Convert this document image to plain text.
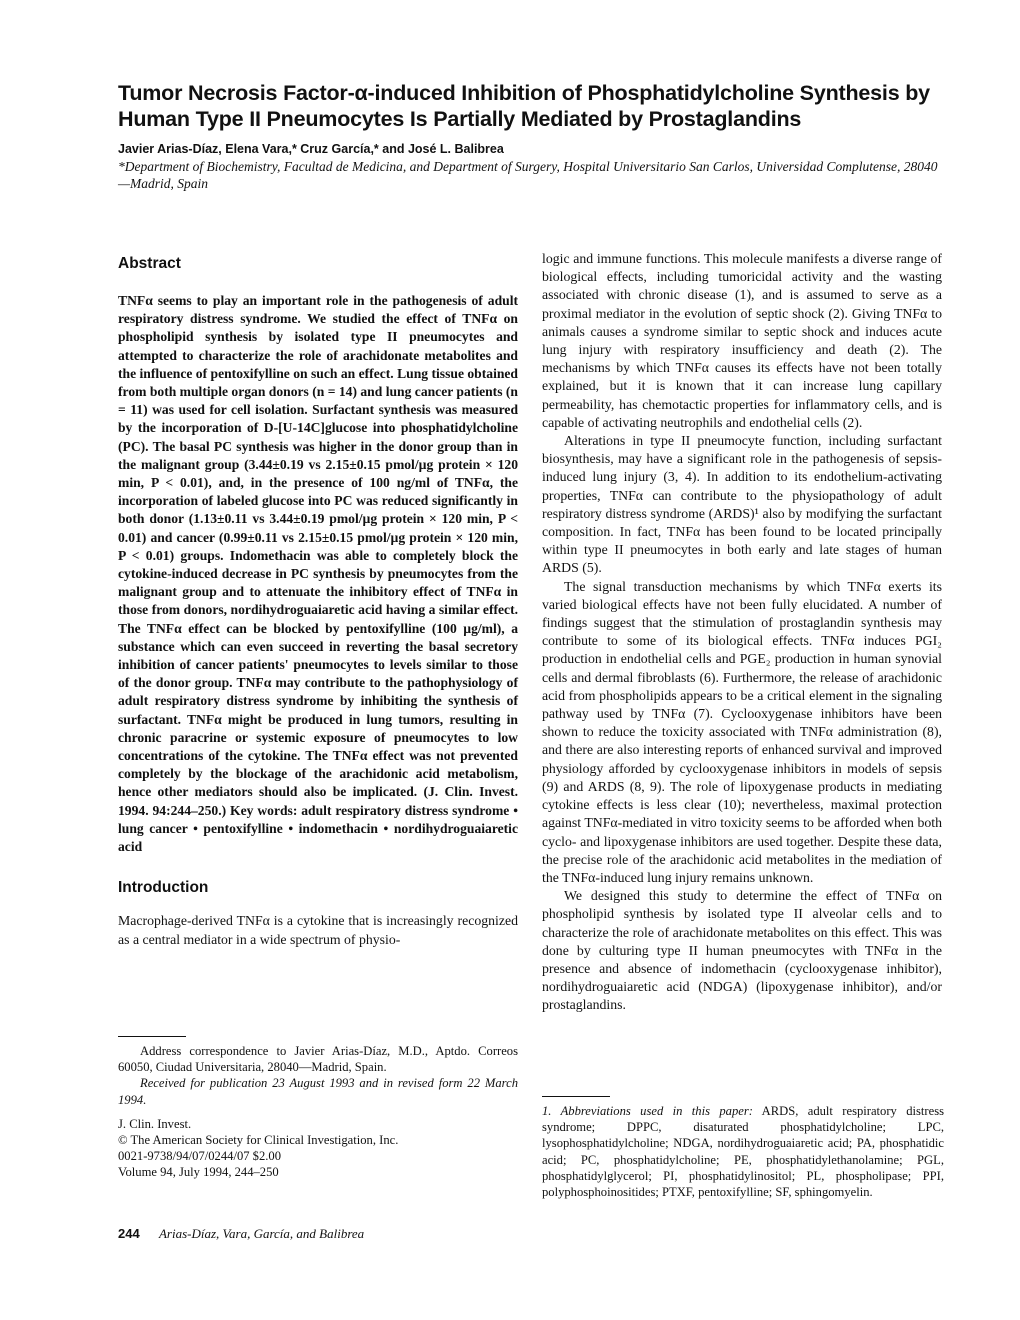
Tumor Necrosis Factor-α-induced Inhibition of Phosphatidylcholine Synthesis by Human Type II Pneumocytes Is Partially Mediated by Prostaglandins
Javier Arias-Díaz, Elena Vara,* Cruz García,* and José L. Balibrea
*Department of Biochemistry, Facultad de Medicina, and Department of Surgery, Hospital Universitario San Carlos, Universidad Complutense, 28040—Madrid, Spain
Abstract

TNFα seems to play an important role in the pathogenesis of adult respiratory distress syndrome. We studied the effect of TNFα on phospholipid synthesis by isolated type II pneumocytes and attempted to characterize the role of arachidonate metabolites and the influence of pentoxifylline on such an effect. Lung tissue obtained from both multiple organ donors (n = 14) and lung cancer patients (n = 11) was used for cell isolation. Surfactant synthesis was measured by the incorporation of D-[U-14C]glucose into phosphatidylcholine (PC). The basal PC synthesis was higher in the donor group than in the malignant group (3.44±0.19 vs 2.15±0.15 pmol/µg protein × 120 min, P < 0.01), and, in the presence of 100 ng/ml of TNFα, the incorporation of labeled glucose into PC was reduced significantly in both donor (1.13±0.11 vs 3.44±0.19 pmol/µg protein × 120 min, P < 0.01) and cancer (0.99±0.11 vs 2.15±0.15 pmol/µg protein × 120 min, P < 0.01) groups. Indomethacin was able to completely block the cytokine-induced decrease in PC synthesis by pneumocytes from the malignant group and to attenuate the inhibitory effect of TNFα in those from donors, nordihydroguaiaretic acid having a similar effect. The TNFα effect can be blocked by pentoxifylline (100 µg/ml), a substance which can even succeed in reverting the basal secretory inhibition of cancer patients' pneumocytes to levels similar to those of the donor group. TNFα may contribute to the pathophysiology of adult respiratory distress syndrome by inhibiting the synthesis of surfactant. TNFα might be produced in lung tumors, resulting in chronic paracrine or systemic exposure of pneumocytes to low concentrations of the cytokine. The TNFα effect was not prevented completely by the blockage of the arachidonic acid metabolism, hence other mediators should also be implicated. (J. Clin. Invest. 1994. 94:244–250.) Key words: adult respiratory distress syndrome • lung cancer • pentoxifylline • indomethacin • nordihydroguaiaretic acid

Introduction

Macrophage-derived TNFα is a cytokine that is increasingly recognized as a central mediator in a wide spectrum of physio-

logic and immune functions. This molecule manifests a diverse range of biological effects, including tumoricidal activity and the wasting associated with chronic disease (1), and is assumed to serve as a proximal mediator in the evolution of septic shock (2). Giving TNFα to animals causes a syndrome similar to septic shock and induces acute lung injury with respiratory insufficiency and death (2). The mechanisms by which TNFα causes its effects have not been totally explained, but it is known that it can increase lung capillary permeability, has chemotactic properties for inflammatory cells, and is capable of activating neutrophils and endothelial cells (2).

Alterations in type II pneumocyte function, including surfactant biosynthesis, may have a significant role in the pathogenesis of sepsis-induced lung injury (3, 4). In addition to its endothelium-activating properties, TNFα can contribute to the physiopathology of adult respiratory distress syndrome (ARDS)¹ also by modifying the surfactant composition. In fact, TNFα has been found to be located principally within type II pneumocytes in both early and late stages of human ARDS (5).

The signal transduction mechanisms by which TNFα exerts its varied biological effects have not been fully elucidated. A number of findings suggest that the stimulation of prostaglandin synthesis may contribute to some of its biological effects. TNFα induces PGI₂ production in endothelial cells and PGE₂ production in human synovial cells and dermal fibroblasts (6). Furthermore, the release of arachidonic acid from phospholipids appears to be a critical element in the signaling pathway used by TNFα (7). Cyclooxygenase inhibitors have been shown to reduce the toxicity associated with TNFα administration (8), and there are also interesting reports of enhanced survival and improved physiology afforded by cyclooxygenase inhibitors in models of sepsis (9) and ARDS (8, 9). The role of lipoxygenase products in mediating cytokine effects is less clear (10); nevertheless, maximal protection against TNFα-mediated in vitro toxicity seems to be afforded when both cyclo- and lipoxygenase inhibitors are used together. Despite these data, the precise role of the arachidonic acid metabolites in the mediation of the TNFα-induced lung injury remains unknown.

We designed this study to determine the effect of TNFα on phospholipid synthesis by isolated type II alveolar cells and to characterize the role of arachidonate metabolites on this effect. This was done by culturing type II human pneumocytes with TNFα in the presence and absence of indomethacin (cyclooxygenase inhibitor), nordihydroguaiaretic acid (NDGA) (lipoxygenase inhibitor), and/or prostaglandins.

Address correspondence to Javier Arias-Díaz, M.D., Aptdo. Correos 60050, Ciudad Universitaria, 28040—Madrid, Spain.

Received for publication 23 August 1993 and in revised form 22 March 1994.

J. Clin. Invest.

© The American Society for Clinical Investigation, Inc.

0021-9738/94/07/0244/07 $2.00

Volume 94, July 1994, 244–250

1. Abbreviations used in this paper: ARDS, adult respiratory distress syndrome; DPPC, disaturated phosphatidylcholine; LPC, lysophosphatidylcholine; NDGA, nordihydroguaiaretic acid; PA, phosphatidic acid; PC, phosphatidylcholine; PE, phosphatidylethanolamine; PGL, phosphatidylglycerol; PI, phosphatidylinositol; PL, phospholipase; PPI, polyphosphoinositides; PTXF, pentoxifylline; SF, sphingomyelin.

244 Arias-Díaz, Vara, García, and Balibrea
